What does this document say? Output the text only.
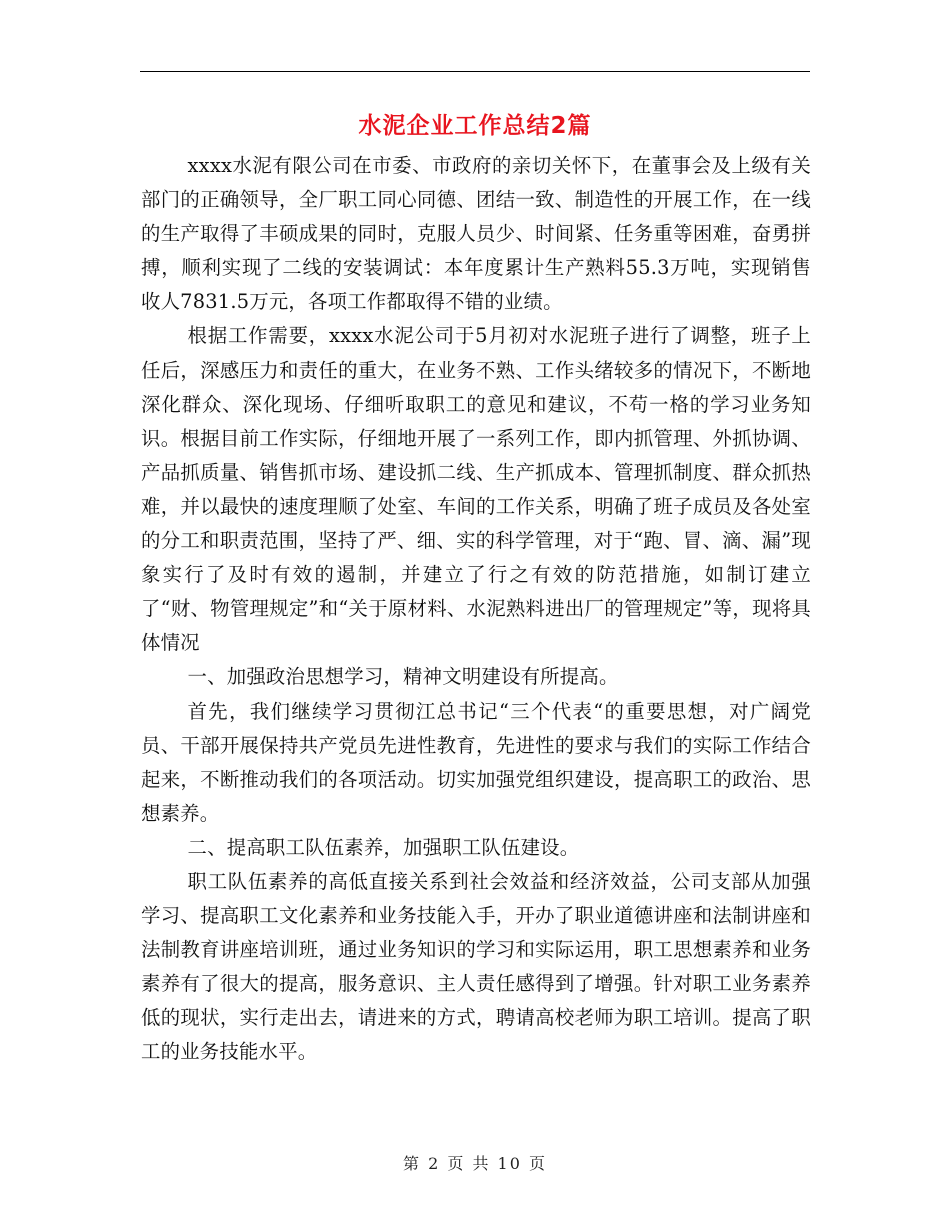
水泥企业工作总结2篇

xxxx水泥有限公司在市委、市政府的亲切关怀下，在董事会及上级有关部门的正确领导，全厂职工同心同德、团结一致、制造性的开展工作，在一线的生产取得了丰硕成果的同时，克服人员少、时间紧、任务重等困难，奋勇拼搏，顺利实现了二线的安装调试：本年度累计生产熟料55.3万吨，实现销售收人7831.5万元，各项工作都取得不错的业绩。

根据工作需要，xxxx水泥公司于5月初对水泥班子进行了调整，班子上任后，深感压力和责任的重大，在业务不熟、工作头绪较多的情况下，不断地深化群众、深化现场、仔细听取职工的意见和建议，不苟一格的学习业务知识。根据目前工作实际，仔细地开展了一系列工作，即内抓管理、外抓协调、产品抓质量、销售抓市场、建设抓二线、生产抓成本、管理抓制度、群众抓热难，并以最快的速度理顺了处室、车间的工作关系，明确了班子成员及各处室的分工和职责范围，坚持了严、细、实的科学管理，对于“跑、冒、滴、漏”现象实行了及时有效的遏制，并建立了行之有效的防范措施，如制订建立了“财、物管理规定”和“关于原材料、水泥熟料进出厂的管理规定”等，现将具体情况

一、加强政治思想学习，精神文明建设有所提高。

首先，我们继续学习贯彻江总书记“三个代表“的重要思想，对广阔党员、干部开展保持共产党员先进性教育，先进性的要求与我们的实际工作结合起来，不断推动我们的各项活动。切实加强党组织建设，提高职工的政治、思想素养。

二、提高职工队伍素养，加强职工队伍建设。

职工队伍素养的高低直接关系到社会效益和经济效益，公司支部从加强学习、提高职工文化素养和业务技能入手，开办了职业道德讲座和法制讲座和法制教育讲座培训班，通过业务知识的学习和实际运用，职工思想素养和业务素养有了很大的提高，服务意识、主人责任感得到了增强。针对职工业务素养低的现状，实行走出去，请进来的方式，聘请高校老师为职工培训。提高了职工的业务技能水平。

第 2 页 共 10 页
